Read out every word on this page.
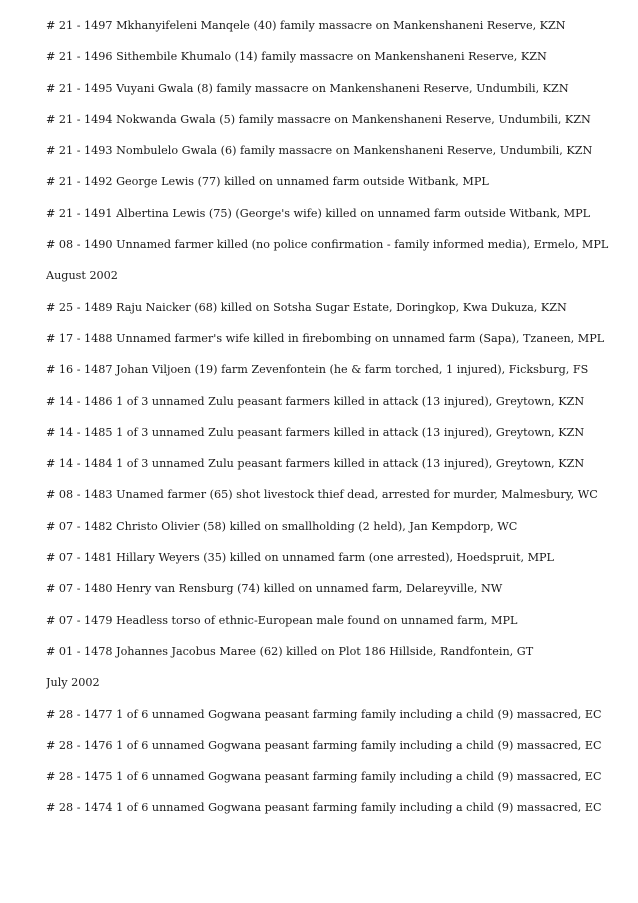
# 21 - 1497 Mkhanyifeleni Manqele (40) family massacre on Mankenshaneni Reserve, KZN
# 21 - 1496 Sithembile Khumalo (14) family massacre on Mankenshaneni Reserve, KZN
# 21 - 1495 Vuyani Gwala (8) family massacre on Mankenshaneni Reserve, Undumbili, KZN
# 21 - 1494 Nokwanda Gwala (5) family massacre on Mankenshaneni Reserve, Undumbili, KZN
# 21 - 1493 Nombulelo Gwala (6) family massacre on Mankenshaneni Reserve, Undumbili, KZN
# 21 - 1492 George Lewis (77) killed on unnamed farm outside Witbank, MPL
# 21 - 1491 Albertina Lewis (75) (George's wife) killed on unnamed farm outside Witbank, MPL
# 08 - 1490 Unnamed farmer killed (no police confirmation - family informed media), Ermelo, MPL
August 2002
# 25 - 1489 Raju Naicker (68) killed on Sotsha Sugar Estate, Doringkop, Kwa Dukuza, KZN
# 17 - 1488 Unnamed farmer's wife killed in firebombing on unnamed farm (Sapa), Tzaneen, MPL
# 16 - 1487 Johan Viljoen (19) farm Zevenfontein (he & farm torched, 1 injured), Ficksburg, FS
# 14 - 1486 1 of 3 unnamed Zulu peasant farmers killed in attack (13 injured), Greytown, KZN
# 14 - 1485 1 of 3 unnamed Zulu peasant farmers killed in attack (13 injured), Greytown, KZN
# 14 - 1484 1 of 3 unnamed Zulu peasant farmers killed in attack (13 injured), Greytown, KZN
# 08 - 1483 Unamed farmer (65) shot livestock thief dead, arrested for murder, Malmesbury, WC
# 07 - 1482 Christo Olivier (58) killed on smallholding (2 held), Jan Kempdorp, WC
# 07 - 1481 Hillary Weyers (35) killed on unnamed farm (one arrested), Hoedspruit, MPL
# 07 - 1480 Henry van Rensburg (74) killed on unnamed farm, Delareyville, NW
# 07 - 1479 Headless torso of ethnic-European male found on unnamed farm, MPL
# 01 - 1478 Johannes Jacobus Maree (62) killed on Plot 186 Hillside, Randfontein, GT
July 2002
# 28 - 1477 1 of 6 unnamed Gogwana peasant farming family including a child (9) massacred, EC
# 28 - 1476 1 of 6 unnamed Gogwana peasant farming family including a child (9) massacred, EC
# 28 - 1475 1 of 6 unnamed Gogwana peasant farming family including a child (9) massacred, EC
# 28 - 1474 1 of 6 unnamed Gogwana peasant farming family including a child (9) massacred, EC
